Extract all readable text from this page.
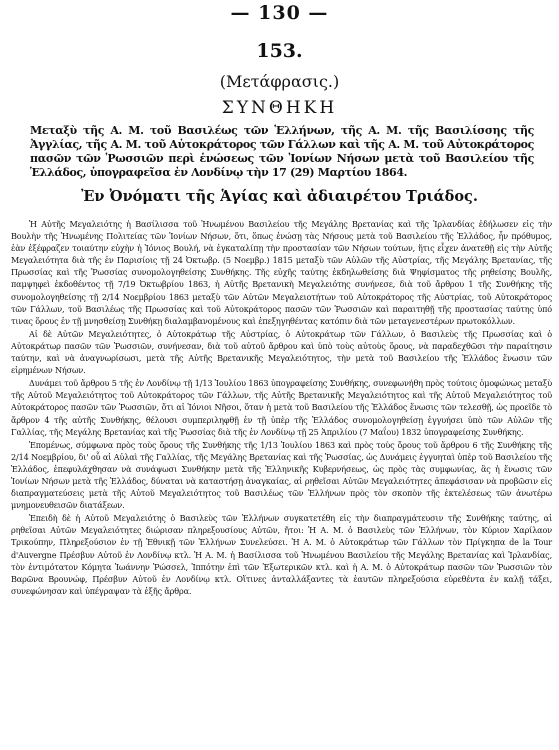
— 130 —
153.
(Μετάφρασις.)
ΣΥΝΘΗΚΗ

Μεταξὺ τῆς Α. Μ. τοῦ Βασιλέως τῶν Ἑλλήνων, τῆς Α. Μ. τῆς Βασιλίσσης τῆς Ἀγγλίας, τῆς Α. Μ. τοῦ Αὐτοκράτορος τῶν Γάλλων καὶ τῆς Α. Μ. τοῦ Αὐτοκράτορος πασῶν τῶν Ῥωσσιῶν περὶ ἑνώσεως τῶν Ἰονίων Νήσων μετὰ τοῦ Βασιλείου τῆς Ἑλλάδος, ὑπογραφεῖσα ἐν Λονδίνῳ τὴν 17 (29) Μαρτίου 1864.

Ἐν Ὀνόματι τῆς Ἁγίας καὶ ἀδιαιρέτου Τριάδος.

Ἡ Αὐτῆς Μεγαλειότης ἡ Βασίλισσα τοῦ Ἡνωμένου Βασιλείου τῆς Μεγάλης Βρετανίας καὶ τῆς Ἰρλανδίας ἐδήλωσεν εἰς τὴν Βουλὴν τῆς Ἡνωμένης Πολιτείας τῶν Ἰονίων Νήσων, ὅτι, ὅπως ἑνώσῃ τὰς Νήσους μετὰ τοῦ Βασιλείου τῆς Ἑλλάδος, ἦν πρόθυμος, ἐὰν ἐξέφραζεν τοιαύτην εὐχὴν ἡ Ἰόνιος Βουλή, νὰ ἐγκαταλίπῃ τὴν προστασίαν τῶν Νήσων τούτων, ἥτις εἶχεν ἀνατεθῇ εἰς τὴν Αὐτῆς Μεγαλειότητα διὰ τῆς ἐν Παρισίοις τῇ 24 Ὀκτωβρ. (5 Νοεμβρ.) 1815 μεταξὺ τῶν Αὐλῶν τῆς Αὐστρίας, τῆς Μεγάλης Βρετανίας, τῆς Πρωσσίας καὶ τῆς Ῥωσσίας συνομολογηθείσης Συνθήκης. Τῆς εὐχῆς ταύτης ἐκδηλωθείσης διὰ Ψηφίσματος τῆς ρηθείσης Βουλῆς, παμψηφεὶ ἐκδοθέντος τῇ 7/19 Ὀκτωβρίου 1863, ἡ Αὐτῆς Βρετανικὴ Μεγαλειότης συνήνεσε, διὰ τοῦ ἄρθρου 1 τῆς Συνθήκης τῆς συνομολογηθείσης τῇ 2/14 Νοεμβρίου 1863 μεταξὺ τῶν Αὐτῶν Μεγαλειοτήτων τοῦ Αὐτοκράτορος τῆς Αὐστρίας, τοῦ Αὐτοκράτορος τῶν Γάλλων, τοῦ Βασιλέως τῆς Πρωσσίας καὶ τοῦ Αὐτοκράτορος πασῶν τῶν Ῥωσσιῶν καὶ παραιτηθῇ τῆς προστασίας ταύτης ὑπό τινας ὅρους ἐν τῇ μνησθείσῃ Συνθήκῃ διαλαμβανομένους καὶ ἐπεξηγηθέντας κατόπιν διὰ τῶν μεταγενεστέρων πρωτοκόλλων.

Αἱ δὲ Αὐτῶν Μεγαλειότητες, ὁ Αὐτοκράτωρ τῆς Αὐστρίας, ὁ Αὐτοκράτωρ τῶν Γάλλων, ὁ Βασιλεὺς τῆς Πρωσσίας καὶ ὁ Αὐτοκράτωρ πασῶν τῶν Ῥωσσιῶν, συνήνεσαν, διὰ τοῦ αὐτοῦ ἄρθρου καὶ ὑπὸ τοὺς αὐτοὺς ὅρους, νὰ παραδεχθῶσι τὴν παραίτησιν ταύτην, καὶ νὰ ἀναγνωρίσωσι, μετὰ τῆς Αὐτῆς Βρετανικῆς Μεγαλειότητος, τὴν μετὰ τοῦ Βασιλείου τῆς Ἑλλάδος ἕνωσιν τῶν εἰρημένων Νήσων.

Δυνάμει τοῦ ἄρθρου 5 τῆς ἐν Λονδίνῳ τῇ 1/13 Ἰουλίου 1863 ὑπογραφείσης Συνθήκης, συνεφωνήθη πρὸς τούτοις ὁμοφώνως μεταξὺ τῆς Αὐτοῦ Μεγαλειότητος τοῦ Αὐτοκράτορος τῶν Γάλλων, τῆς Αὐτῆς Βρετανικῆς Μεγαλειότητος καὶ τῆς Αὐτοῦ Μεγαλειότητος τοῦ Αὐτοκράτορος πασῶν τῶν Ῥωσσιῶν, ὅτι αἱ Ἰόνιοι Νῆσοι, ὅταν ἡ μετὰ τοῦ Βασιλείου τῆς Ἑλλάδος ἕνωσις τῶν τελεσθῇ, ὡς προεῖδε τὸ ἄρθρον 4 τῆς αὐτῆς Συνθήκης, θέλουσι συμπεριληφθῇ ἐν τῇ ὑπὲρ τῆς Ἑλλάδος συνομολογηθείσῃ ἐγγυήσει ὑπὸ τῶν Αὐλῶν τῆς Γαλλίας, τῆς Μεγάλης Βρετανίας καὶ τῆς Ῥωσσίας διὰ τῆς ἐν Λονδίνῳ τῇ 25 Ἀπριλίου (7 Μαΐου) 1832 ὑπογραφείσης Συνθήκης.

Ἐπομένως, σύμφωνα πρὸς τοὺς ὅρους τῆς Συνθήκης τῆς 1/13 Ἰουλίου 1863 καὶ πρὸς τοὺς ὅρους τοῦ ἄρθρου 6 τῆς Συνθήκης τῆς 2/14 Νοεμβρίου, δι' οὗ αἱ Αὐλαὶ τῆς Γαλλίας, τῆς Μεγάλης Βρετανίας καὶ τῆς Ῥωσσίας, ὡς Δυνάμεις ἐγγυηταὶ ὑπὲρ τοῦ Βασιλείου τῆς Ἑλλάδος, ἐπεφυλάχθησαν νὰ συνάψωσι Συνθήκην μετὰ τῆς Ἑλληνικῆς Κυβερνήσεως, ὡς πρὸς τὰς συμφωνίας, ἃς ἡ ἕνωσις τῶν Ἰονίων Νήσων μετὰ τῆς Ἑλλάδος, δύναται νὰ καταστήσῃ ἀναγκαίας, αἱ ρηθεῖσαι Αὐτῶν Μεγαλειότητες ἀπεφάσισαν νὰ προβῶσιν εἰς διαπραγματεύσεις μετὰ τῆς Αὐτοῦ Μεγαλειότητος τοῦ Βασιλέως τῶν Ἑλλήνων πρὸς τὸν σκοπὸν τῆς ἐκτελέσεως τῶν ἀνωτέρω μνημονευθεισῶν διατάξεων.

Ἐπειδὴ δὲ ἡ Αὐτοῦ Μεγαλειότης ὁ Βασιλεὺς τῶν Ἑλλήνων συγκατετέθη εἰς τὴν διαπραγμάτευσιν τῆς Συνθήκης ταύτης, αἱ ρηθεῖσαι Αὐτῶν Μεγαλειότητες διώρισαν πληρεξουσίους Αὐτῶν, ἤτοι: Ἡ Α. Μ. ὁ Βασιλεὺς τῶν Ἑλλήνων, τὸν Κύριον Χαρίλαον Τρικούπην, Πληρεξούσιον ἐν τῇ Ἐθνικῇ τῶν Ἑλλήνων Συνελεύσει. Ἡ Α. Μ. ὁ Αὐτοκράτωρ τῶν Γάλλων τὸν Πρίγκηπα de la Tour d'Auvergne Πρέσβυν Αὐτοῦ ἐν Λονδίνῳ κτλ. Ἡ Α. Μ. ἡ Βασίλισσα τοῦ Ἡνωμένου Βασιλείου τῆς Μεγάλης Βρετανίας καὶ Ἰρλανδίας, τὸν ἐντιμότατον Κόμητα Ἰωάννην Ῥώσσελ, Ἰππότην ἐπὶ τῶν Ἐξωτερικῶν κτλ. καὶ ἡ Α. Μ. ὁ Αὐτοκράτωρ πασῶν τῶν Ῥωσσιῶν τὸν Βαρῶνα Βρουνώφ, Πρέσβυν Αὐτοῦ ἐν Λονδίνῳ κτλ. Οἵτινες ἀνταλλάξαντες τὰ ἑαυτῶν πληρεξούσια εὑρεθέντα ἐν καλῇ τάξει, συνεφώνησαν καὶ ὑπέγραψαν τὰ ἑξῆς ἄρθρα.
